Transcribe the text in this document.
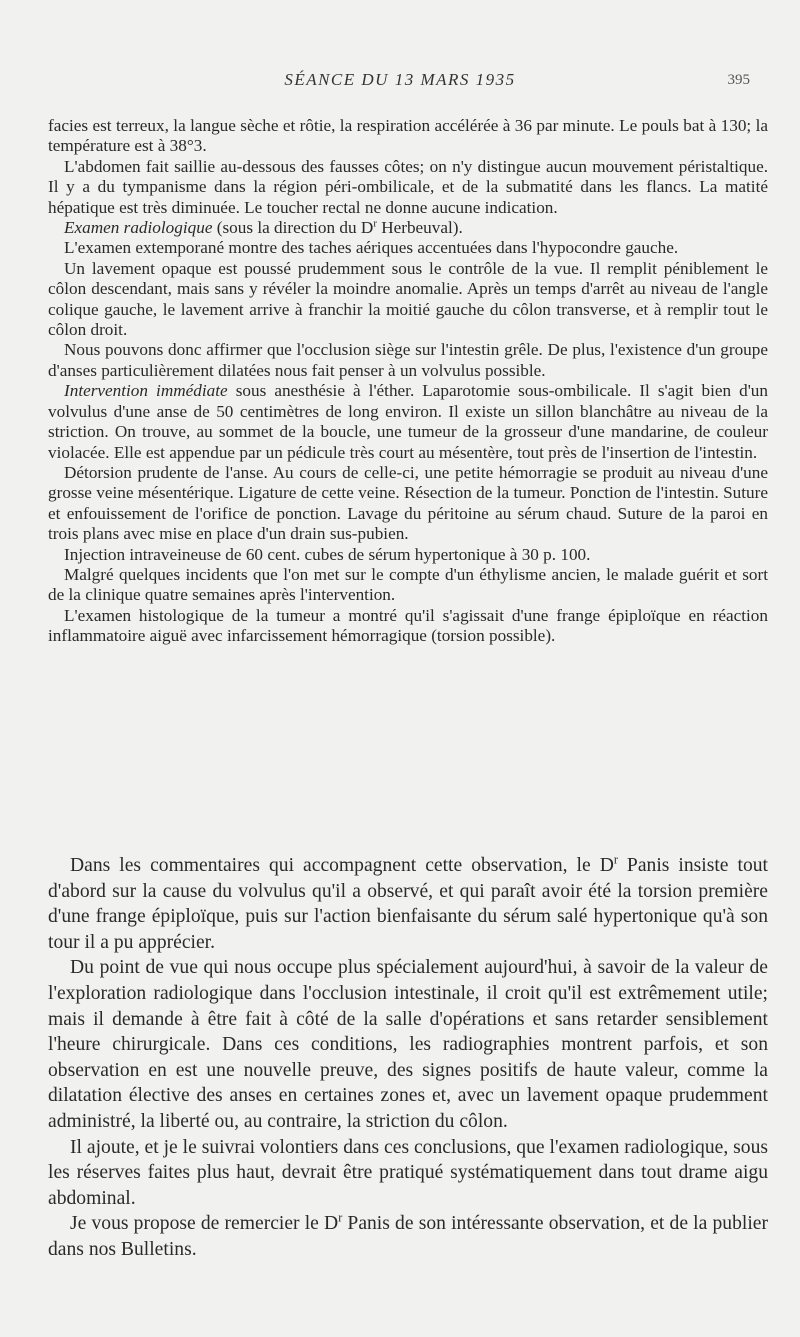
SÉANCE DU 13 MARS 1935	395

facies est terreux, la langue sèche et rôtie, la respiration accélérée à 36 par minute. Le pouls bat à 130; la température est à 38°3.

L'abdomen fait saillie au-dessous des fausses côtes; on n'y distingue aucun mouvement péristaltique. Il y a du tympanisme dans la région péri-ombilicale, et de la submatité dans les flancs. La matité hépatique est très diminuée. Le toucher rectal ne donne aucune indication.

Examen radiologique (sous la direction du $D^r$ Herbeuval).

L'examen extemporané montre des taches aériques accentuées dans l'hypocondre gauche.

Un lavement opaque est poussé prudemment sous le contrôle de la vue. Il remplit péniblement le côlon descendant, mais sans y révéler la moindre anomalie. Après un temps d'arrêt au niveau de l'angle colique gauche, le lavement arrive à franchir la moitié gauche du côlon transverse, et à remplir tout le côlon droit.

Nous pouvons donc affirmer que l'occlusion siège sur l'intestin grêle. De plus, l'existence d'un groupe d'anses particulièrement dilatées nous fait penser à un volvulus possible.

Intervention immédiate sous anesthésie à l'éther. Laparotomie sous-ombilicale. Il s'agit bien d'un volvulus d'une anse de 50 centimètres de long environ. Il existe un sillon blanchâtre au niveau de la striction. On trouve, au sommet de la boucle, une tumeur de la grosseur d'une mandarine, de couleur violacée. Elle est appendue par un pédicule très court au mésentère, tout près de l'insertion de l'intestin.

Détorsion prudente de l'anse. Au cours de celle-ci, une petite hémorragie se produit au niveau d'une grosse veine mésentérique. Ligature de cette veine. Résection de la tumeur. Ponction de l'intestin. Suture et enfouissement de l'orifice de ponction. Lavage du péritoine au sérum chaud. Suture de la paroi en trois plans avec mise en place d'un drain sus-pubien.

Injection intraveineuse de 60 cent. cubes de sérum hypertonique à 30 p. 100.

Malgré quelques incidents que l'on met sur le compte d'un éthylisme ancien, le malade guérit et sort de la clinique quatre semaines après l'intervention.

L'examen histologique de la tumeur a montré qu'il s'agissait d'une frange épiploïque en réaction inflammatoire aiguë avec infarcissement hémorragique (torsion possible).

Dans les commentaires qui accompagnent cette observation, le $D^r$ Panis insiste tout d'abord sur la cause du volvulus qu'il a observé, et qui paraît avoir été la torsion première d'une frange épiploïque, puis sur l'action bienfaisante du sérum salé hypertonique qu'à son tour il a pu apprécier.

Du point de vue qui nous occupe plus spécialement aujourd'hui, à savoir de la valeur de l'exploration radiologique dans l'occlusion intestinale, il croit qu'il est extrêmement utile; mais il demande à être fait à côté de la salle d'opérations et sans retarder sensiblement l'heure chirurgicale. Dans ces conditions, les radiographies montrent parfois, et son observation en est une nouvelle preuve, des signes positifs de haute valeur, comme la dilatation élective des anses en certaines zones et, avec un lavement opaque prudemment administré, la liberté ou, au contraire, la striction du côlon.

Il ajoute, et je le suivrai volontiers dans ces conclusions, que l'examen radiologique, sous les réserves faites plus haut, devrait être pratiqué systématiquement dans tout drame aigu abdominal.

Je vous propose de remercier le $D^r$ Panis de son intéressante observation, et de la publier dans nos Bulletins.
